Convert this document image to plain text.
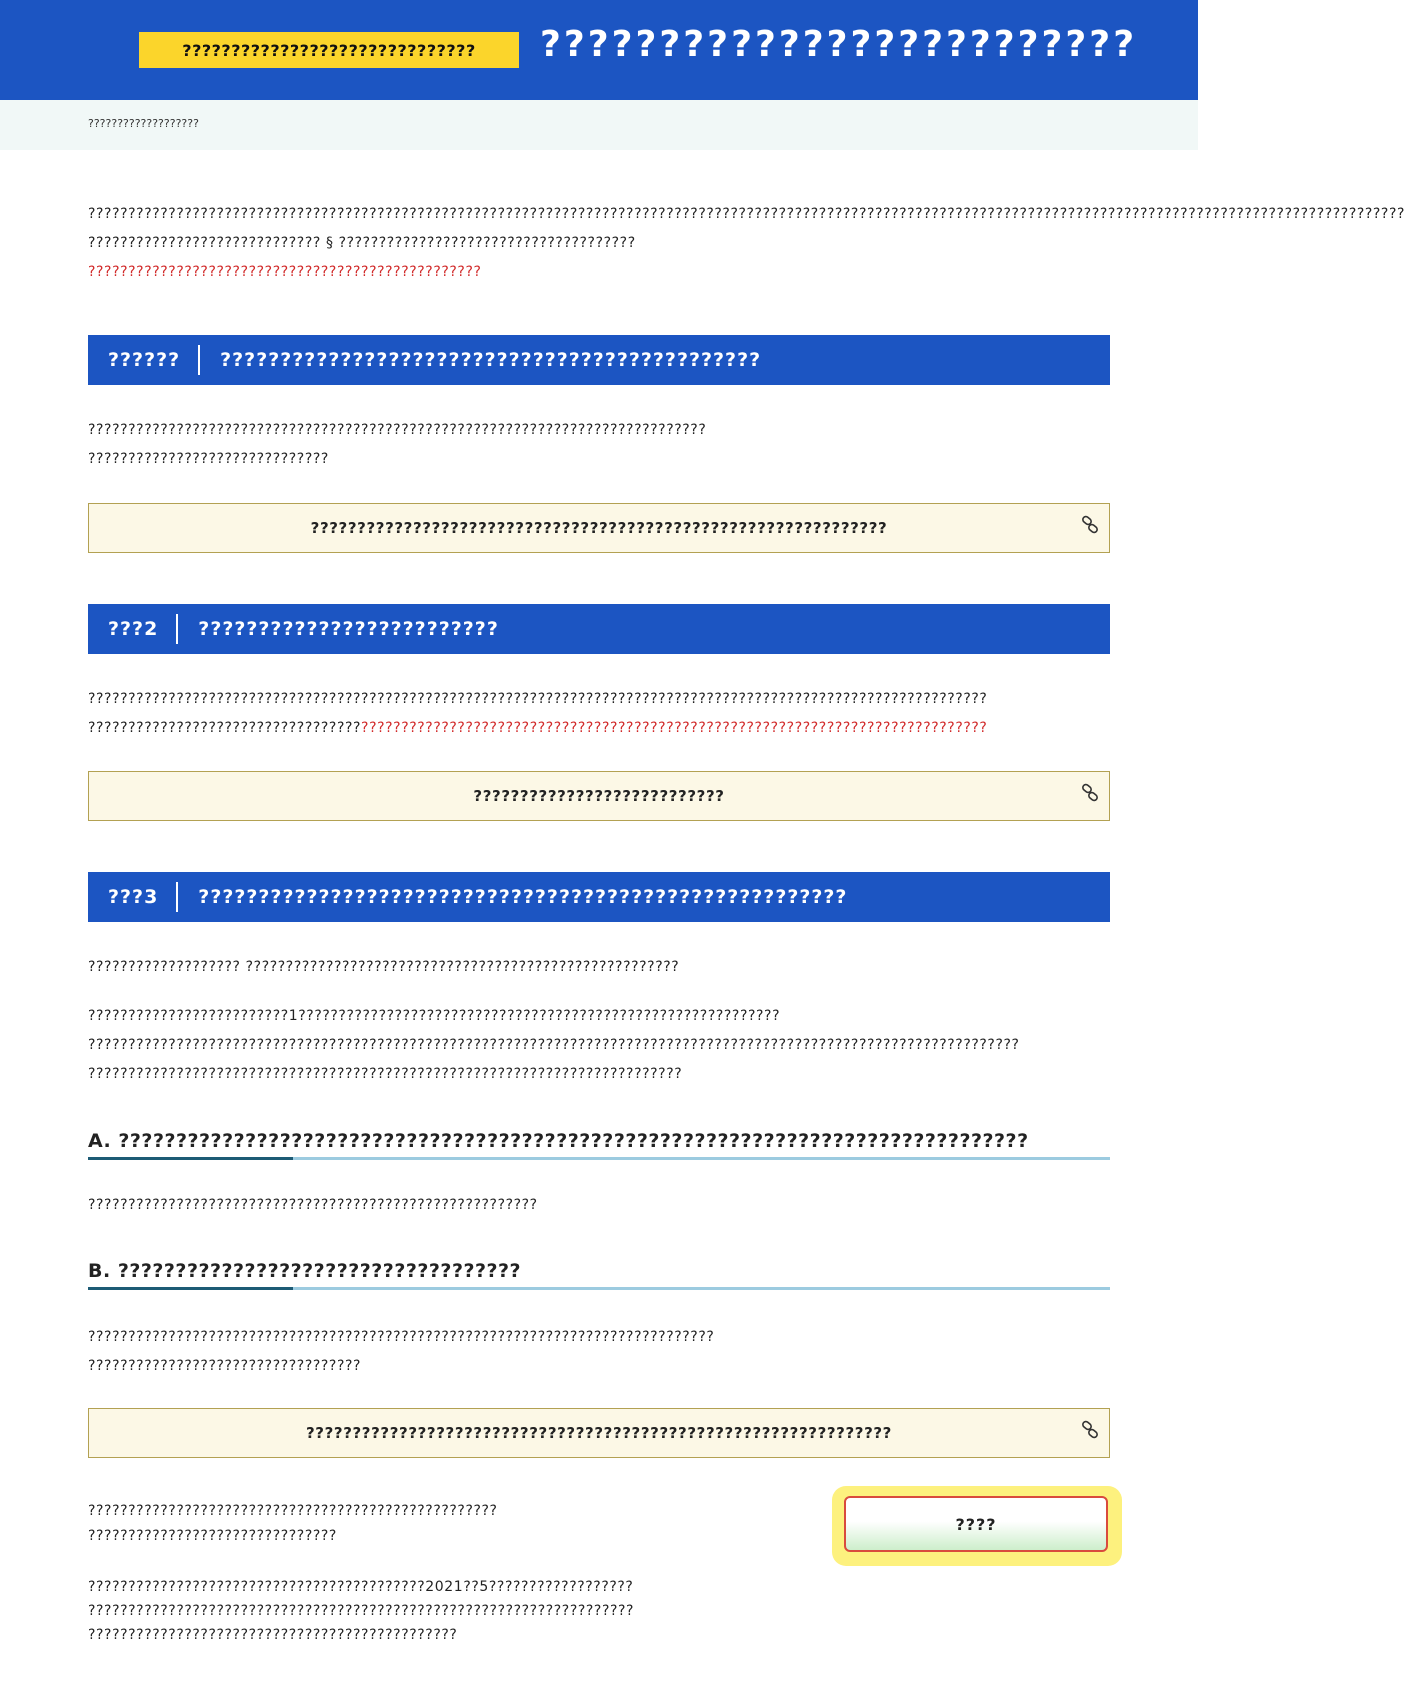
??????????????????????????????	?????????????????????????
???????????????????
????????????????????????????????????????????????????????????????????????????????????????????????????????????????????????????????????????????????????????????????????
????????????????????????????? § ?????????????????????????????????????
?????????????????????????????????????????????????
??????	?????????????????????????????????????????????
?????????????????????????????????????????????????????????????????????????????
??????????????????????????????
??????????????????????????????????????????????????????????????
???2	?????????????????????????
????????????????????????????????????????????????????????????????????????????????????????????????????????????????
????????????????????????????????????????????????????????????????????????????????????????????????????????????????
???????????????????????????
???3	??????????????????????????????????????????????????????
??????????????????? ??????????????????????????????????????????????????????
?????????????????????????1????????????????????????????????????????????????????????????
????????????????????????????????????????????????????????????????????????????????????????????????????????????????????
??????????????????????????????????????????????????????????????????????????
A. ???????????????????????????????????????????????????????????????????????????????
????????????????????????????????????????????????????????
B. ???????????????????????????????????
??????????????????????????????????????????????????????????????????????????????
??????????????????????????????????
???????????????????????????????????????????????????????????????
???????????????????????????????????????????????????
???????????????????????????????
????
??????????????????????????????????????????2021??5??????????????????
????????????????????????????????????????????????????????????????????
??????????????????????????????????????????????
